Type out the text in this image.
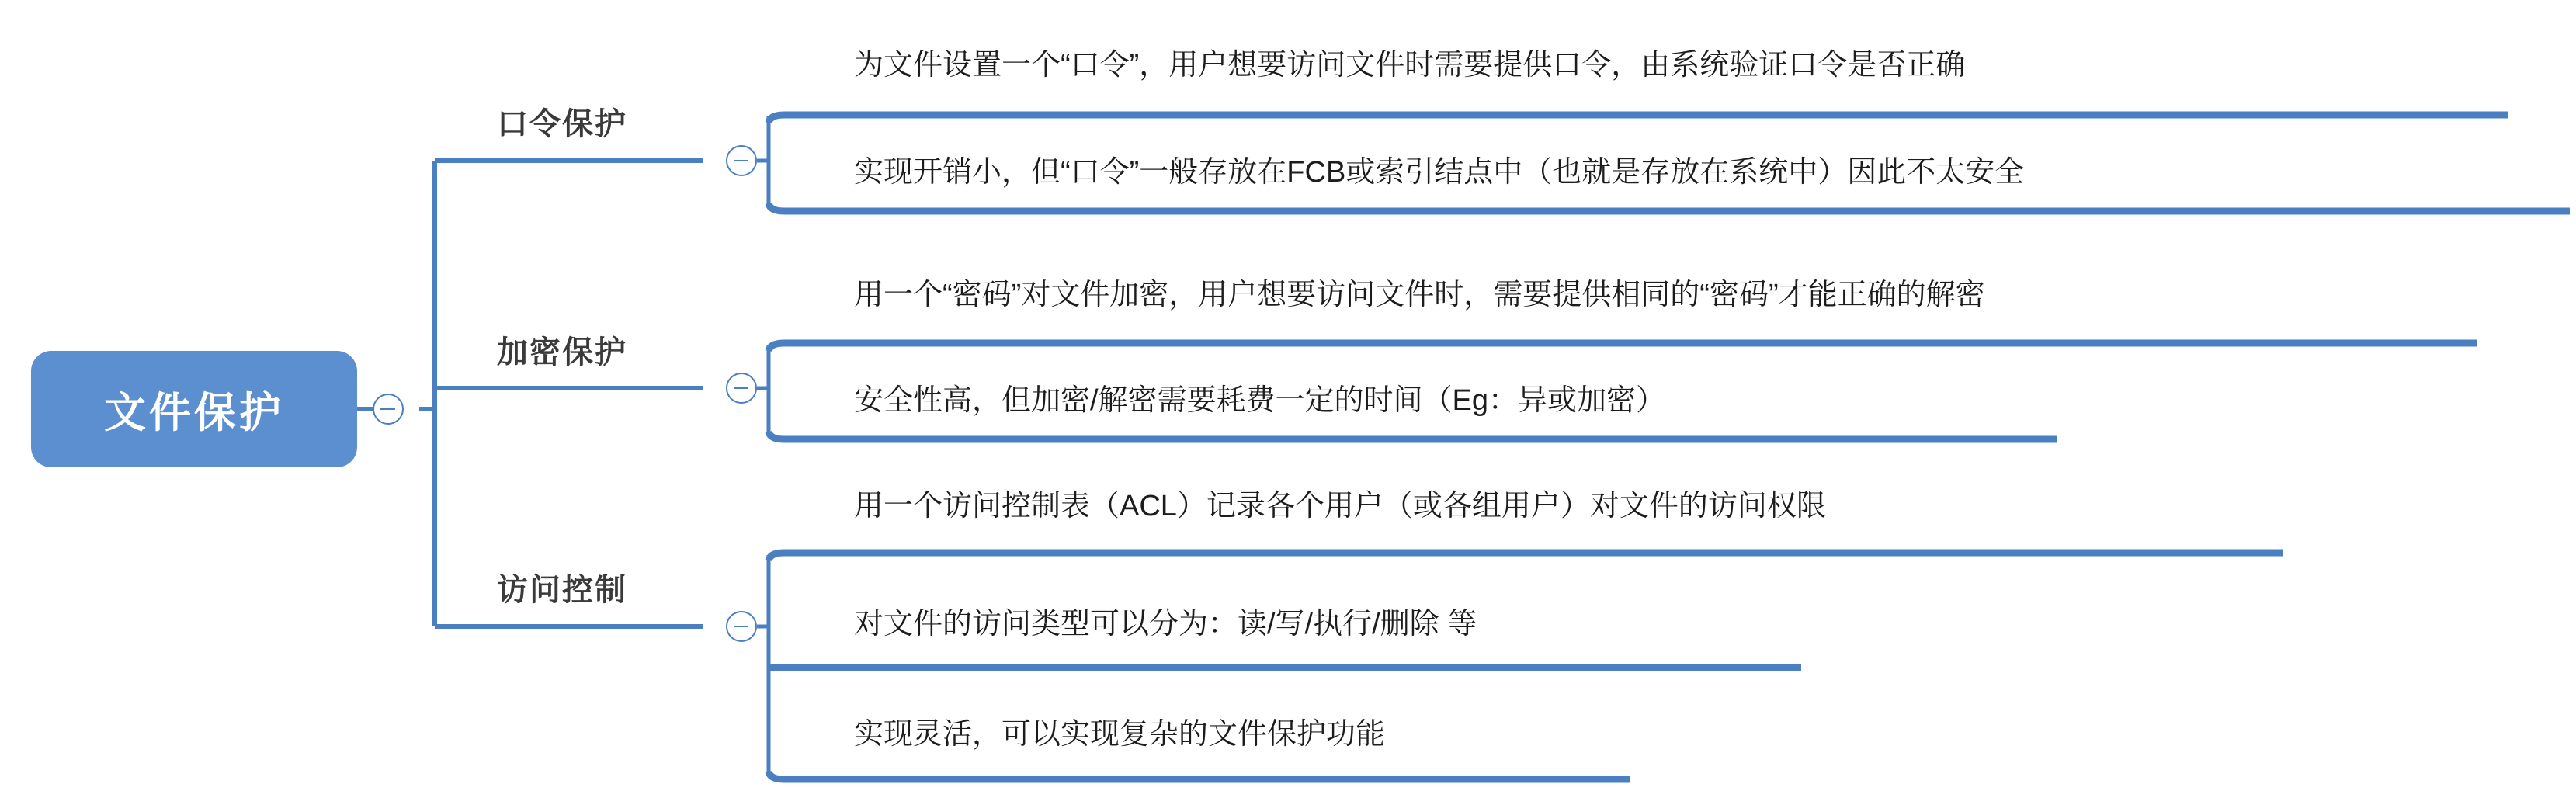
文件保护
口令保护
为文件设置一个“口令”，用户想要访问文件时需要提供口令，由系统验证口令是否正确
实现开销小，但“口令”一般存放在FCB或索引结点中（也就是存放在系统中）因此不太安全
加密保护
用一个“密码”对文件加密，用户想要访问文件时，需要提供相同的“密码”才能正确的解密
安全性高，但加密/解密需要耗费一定的时间（Eg：异或加密）
访问控制
用一个访问控制表（ACL）记录各个用户（或各组用户）对文件的访问权限
对文件的访问类型可以分为：读/写/执行/删除 等
实现灵活，可以实现复杂的文件保护功能
